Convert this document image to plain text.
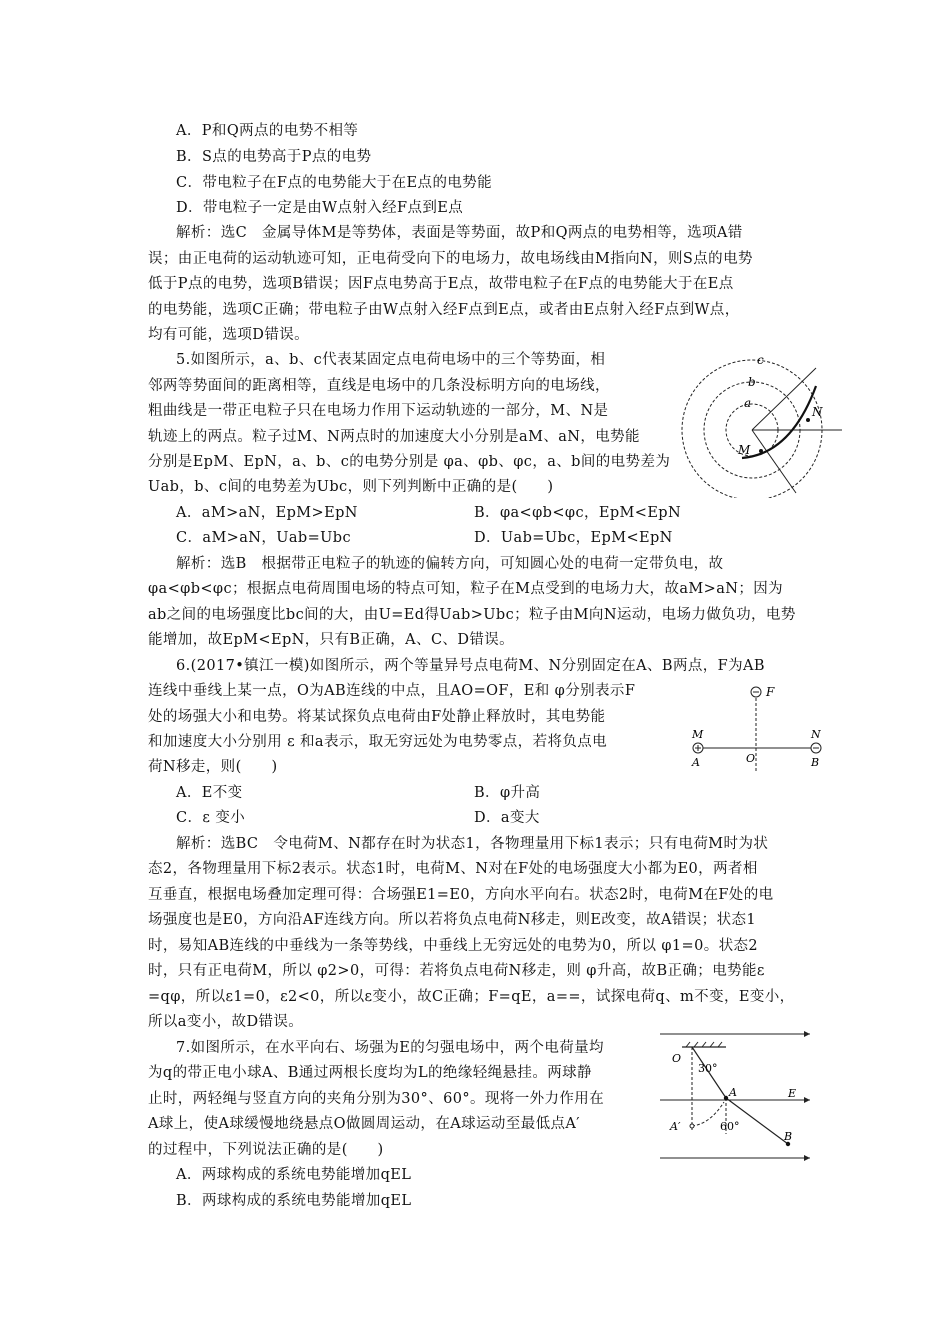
A．P和Q两点的电势不相等
B．S点的电势高于P点的电势
C．带电粒子在F点的电势能大于在E点的电势能
D．带电粒子一定是由W点射入经F点到E点
解析：选C　金属导体M是等势体，表面是等势面，故P和Q两点的电势相等，选项A错
误；由正电荷的运动轨迹可知，正电荷受向下的电场力，故电场线由M指向N，则S点的电势
低于P点的电势，选项B错误；因F点电势高于E点，故带电粒子在F点的电势能大于在E点
的电势能，选项C正确；带电粒子由W点射入经F点到E点，或者由E点射入经F点到W点，
均有可能，选项D错误。
5.如图所示，a、b、c代表某固定点电荷电场中的三个等势面，相
邻两等势面间的距离相等，直线是电场中的几条没标明方向的电场线，
粗曲线是一带正电粒子只在电场力作用下运动轨迹的一部分，M、N是
轨迹上的两点。粒子过M、N两点时的加速度大小分别是aM、aN，电势能
分别是EpM、EpN，a、b、c的电势分别是 φa、φb、φc，a、b间的电势差为
Uab，b、c间的电势差为Ubc，则下列判断中正确的是(　　)
A．aM>aN，EpM>EpN	B．φa<φb<φc，EpM<EpN
C．aM>aN，Uab=Ubc	D．Uab=Ubc，EpM<EpN
解析：选B　根据带正电粒子的轨迹的偏转方向，可知圆心处的电荷一定带负电，故
φa<φb<φc；根据点电荷周围电场的特点可知，粒子在M点受到的电场力大，故aM>aN；因为
ab之间的电场强度比bc间的大，由U=Ed得Uab>Ubc；粒子由M向N运动，电场力做负功，电势
能增加，故EpM<EpN，只有B正确，A、C、D错误。
c
b
a
N
M
6.(2017•镇江一模)如图所示，两个等量异号点电荷M、N分别固定在A、B两点，F为AB
连线中垂线上某一点，O为AB连线的中点，且AO=OF，E和 φ分别表示F
处的场强大小和电势。将某试探负点电荷由F处静止释放时，其电势能
和加速度大小分别用 ε 和a表示，取无穷远处为电势零点，若将负点电
荷N移走，则(　　)
A．E不变	B．φ升高
C．ε 变小	D．a变大
解析：选BC　令电荷M、N都存在时为状态1，各物理量用下标1表示；只有电荷M时为状
态2，各物理量用下标2表示。状态1时，电荷M、N对在F处的电场强度大小都为E0，两者相
互垂直，根据电场叠加定理可得：合场强E1=E0，方向水平向右。状态2时，电荷M在F处的电
场强度也是E0，方向沿AF连线方向。所以若将负点电荷N移走，则E改变，故A错误；状态1
时，易知AB连线的中垂线为一条等势线，中垂线上无穷远处的电势为0，所以 φ1=0。状态2
时，只有正电荷M，所以 φ2>0，可得：若将负点电荷N移走，则 φ升高，故B正确；电势能ε
=qφ，所以ε1=0，ε2<0，所以ε变小，故C正确；F=qE，a==，试探电荷q、m不变，E变小，
所以a变小，故D错误。
F
M	N
A	O	B
7.如图所示，在水平向右、场强为E的匀强电场中，两个电荷量均
为q的带正电小球A、B通过两根长度均为L的绝缘轻绳悬挂。两球静
止时，两轻绳与竖直方向的夹角分别为30°、60°。现将一外力作用在
A球上，使A球缓慢地绕悬点O做圆周运动，在A球运动至最低点A′
的过程中，下列说法正确的是(　　)
A．两球构成的系统电势能增加qEL
B．两球构成的系统电势能增加qEL
O
30°
A	E
A′	60°
B
